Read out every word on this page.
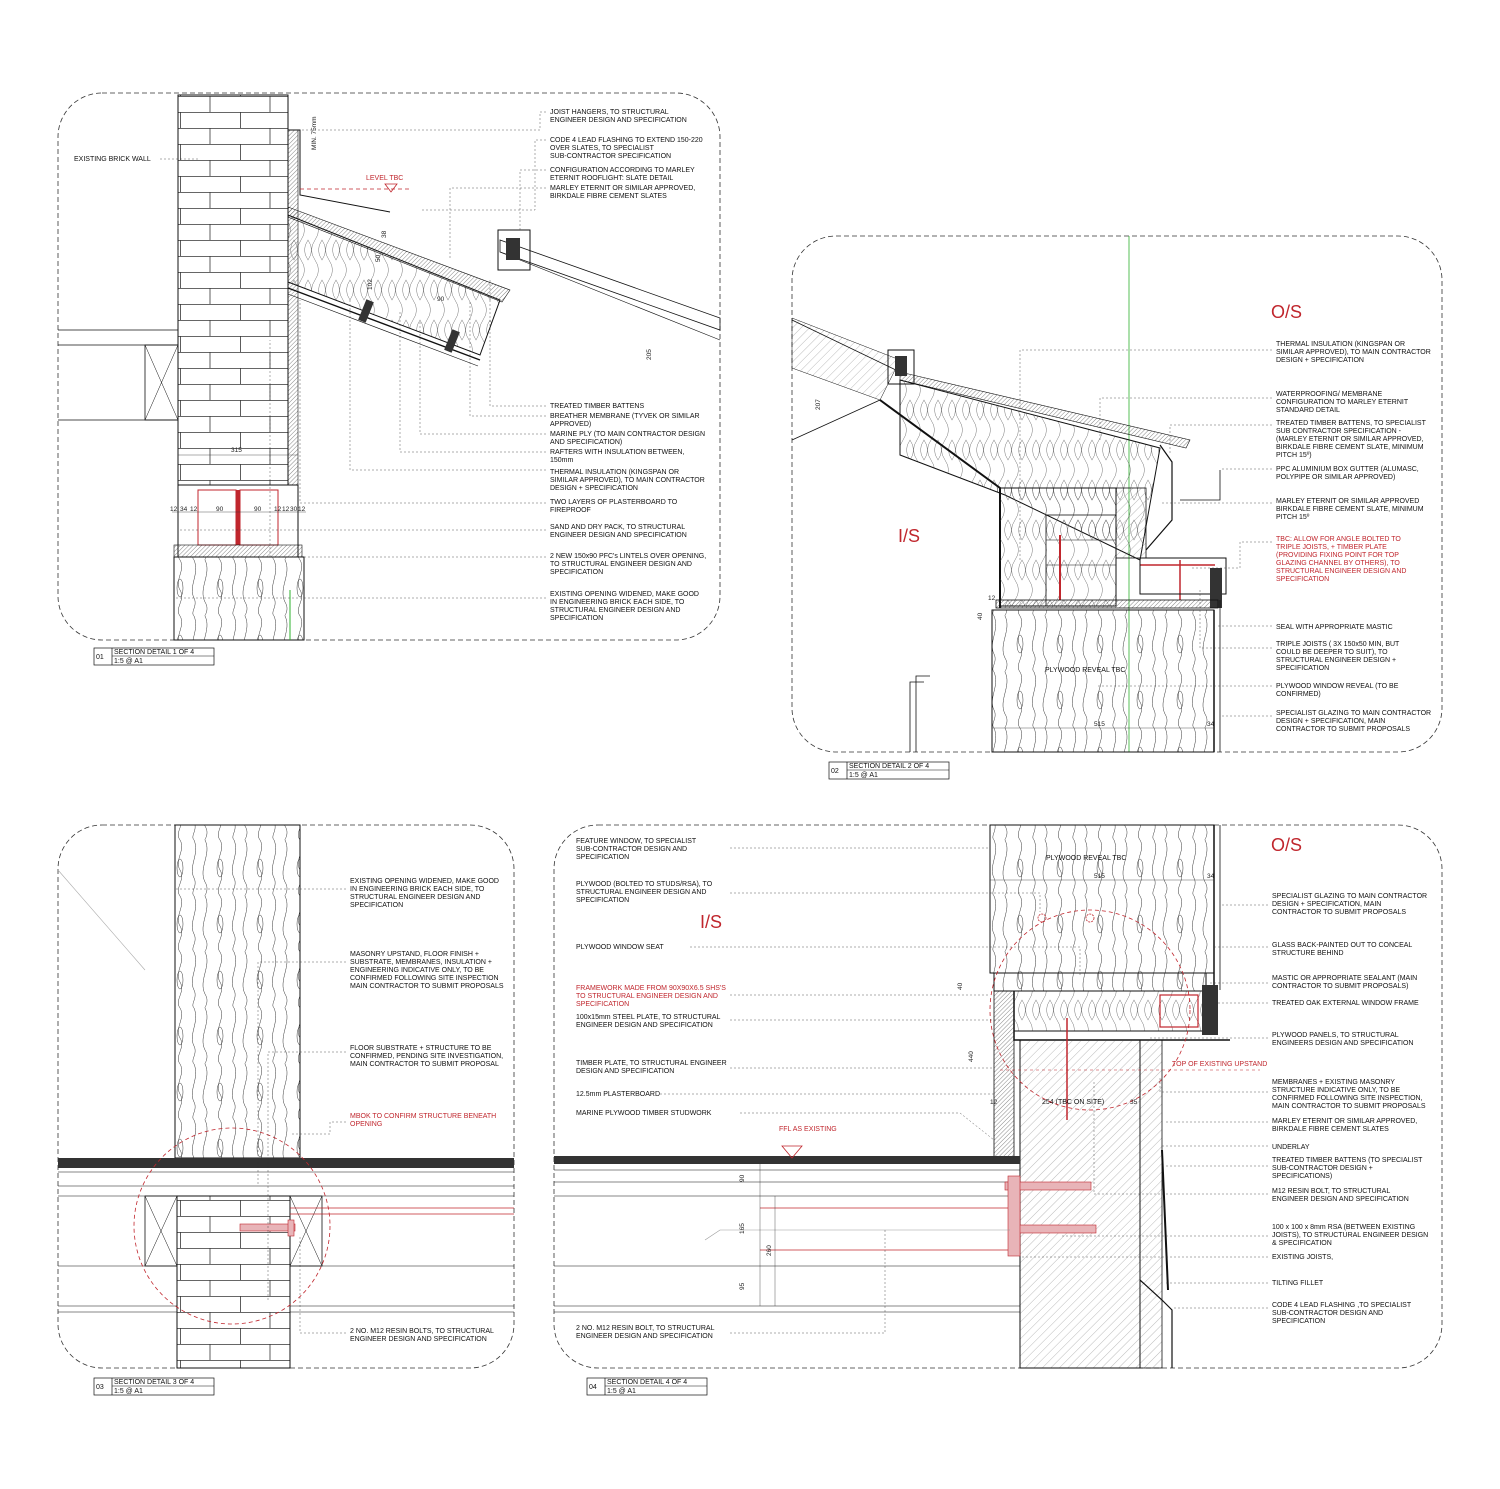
LEVEL TBC
EXISTING BRICK WALL
MIN. 75mm
38
50
102
90
205
315
12 34 12	90	90 12 12 30 12
JOIST HANGERS, TO STRUCTURAL
ENGINEER DESIGN AND SPECIFICATION
CODE 4 LEAD FLASHING TO EXTEND 150-220
OVER SLATES, TO SPECIALIST
SUB-CONTRACTOR SPECIFICATION
CONFIGURATION ACCORDING TO MARLEY
ETERNIT ROOFLIGHT: SLATE DETAIL
MARLEY ETERNIT OR SIMILAR APPROVED,
BIRKDALE FIBRE CEMENT SLATES
TREATED TIMBER BATTENS
BREATHER MEMBRANE (TYVEK OR SIMILAR
APPROVED)
MARINE PLY (TO MAIN CONTRACTOR DESIGN
AND SPECIFICATION)
RAFTERS WITH INSULATION BETWEEN,
150mm
THERMAL INSULATION (KINGSPAN OR
SIMILAR APPROVED), TO MAIN CONTRACTOR
DESIGN + SPECIFICATION
TWO LAYERS OF PLASTERBOARD TO
FIREPROOF
SAND AND DRY PACK, TO STRUCTURAL
ENGINEER DESIGN AND SPECIFICATION
2 NEW 150x90 PFC's LINTELS OVER OPENING,
TO STRUCTURAL ENGINEER DESIGN AND
SPECIFICATION
EXISTING OPENING WIDENED, MAKE GOOD
IN ENGINEERING BRICK EACH SIDE, TO
STRUCTURAL ENGINEER DESIGN AND
SPECIFICATION
01
SECTION DETAIL 1 OF 4
1:5 @ A1
O/S
I/S
PLYWOOD REVEAL TBC
207
12
40
515	34
THERMAL INSULATION (KINGSPAN OR
SIMILAR APPROVED), TO MAIN CONTRACTOR
DESIGN + SPECIFICATION
WATERPROOFING/ MEMBRANE
CONFIGURATION TO MARLEY ETERNIT
STANDARD DETAIL
TREATED TIMBER BATTENS, TO SPECIALIST
SUB CONTRACTOR SPECIFICATION -
(MARLEY ETERNIT OR SIMILAR APPROVED,
BIRKDALE FIBRE CEMENT SLATE, MINIMUM
PITCH 15º)
PPC ALUMINIUM BOX GUTTER (ALUMASC,
POLYPIPE OR SIMILAR APPROVED)
MARLEY ETERNIT OR SIMILAR APPROVED
BIRKDALE FIBRE CEMENT SLATE, MINIMUM
PITCH 15º
TBC: ALLOW FOR ANGLE BOLTED TO
TRIPLE JOISTS, + TIMBER PLATE
(PROVIDING FIXING POINT FOR TOP
GLAZING CHANNEL BY OTHERS), TO
STRUCTURAL ENGINEER DESIGN AND
SPECIFICATION
SEAL WITH APPROPRIATE MASTIC
TRIPLE JOISTS ( 3X 150x50 MIN, BUT
COULD BE DEEPER TO SUIT), TO
STRUCTURAL ENGINEER DESIGN +
SPECIFICATION
PLYWOOD WINDOW REVEAL (TO BE
CONFIRMED)
SPECIALIST GLAZING TO MAIN CONTRACTOR
DESIGN + SPECIFICATION, MAIN
CONTRACTOR TO SUBMIT PROPOSALS
02
SECTION DETAIL 2 OF 4
1:5 @ A1
EXISTING OPENING WIDENED, MAKE GOOD
IN ENGINEERING BRICK EACH SIDE, TO
STRUCTURAL ENGINEER DESIGN AND
SPECIFICATION
MASONRY UPSTAND, FLOOR FINISH +
SUBSTRATE, MEMBRANES, INSULATION +
ENGINEERING INDICATIVE ONLY, TO BE
CONFIRMED FOLLOWING SITE INSPECTION
MAIN CONTRACTOR TO SUBMIT PROPOSALS
FLOOR SUBSTRATE + STRUCTURE TO BE
CONFIRMED, PENDING SITE INVESTIGATION,
MAIN CONTRACTOR TO SUBMIT PROPOSAL
MBOK TO CONFIRM STRUCTURE BENEATH
OPENING
2 NO. M12 RESIN BOLTS, TO STRUCTURAL
ENGINEER DESIGN AND SPECIFICATION
03
SECTION DETAIL 3 OF 4
1:5 @ A1
O/S
I/S
PLYWOOD REVEAL TBC
515	34
254 (TBC ON SITE)
FFL AS EXISTING
TOP OF EXISTING UPSTAND
40
440
12	35
90
165
260
95
FEATURE WINDOW, TO SPECIALIST
SUB-CONTRACTOR DESIGN AND
SPECIFICATION
PLYWOOD (BOLTED TO STUDS/RSA), TO
STRUCTURAL ENGINEER DESIGN AND
SPECIFICATION
PLYWOOD WINDOW SEAT
FRAMEWORK MADE FROM 90X90X6.5 SHS'S
TO STRUCTURAL ENGINEER DESIGN AND
SPECIFICATION
100x15mm STEEL PLATE, TO STRUCTURAL
ENGINEER DESIGN AND SPECIFICATION
TIMBER PLATE, TO STRUCTURAL ENGINEER
DESIGN AND SPECIFICATION
12.5mm PLASTERBOARD
MARINE PLYWOOD TIMBER STUDWORK
2 NO. M12 RESIN BOLT, TO STRUCTURAL
ENGINEER DESIGN AND SPECIFICATION
SPECIALIST GLAZING TO MAIN CONTRACTOR
DESIGN + SPECIFICATION, MAIN
CONTRACTOR TO SUBMIT PROPOSALS
GLASS BACK-PAINTED OUT TO CONCEAL
STRUCTURE BEHIND
MASTIC OR APPROPRIATE SEALANT (MAIN
CONTRACTOR TO SUBMIT PROPOSALS)
TREATED OAK EXTERNAL WINDOW FRAME
PLYWOOD PANELS, TO STRUCTURAL
ENGINEERS DESIGN AND SPECIFICATION
MEMBRANES + EXISTING MASONRY
STRUCTURE INDICATIVE ONLY, TO BE
CONFIRMED FOLLOWING SITE INSPECTION,
MAIN CONTRACTOR TO SUBMIT PROPOSALS
MARLEY ETERNIT OR SIMILAR APPROVED,
BIRKDALE FIBRE CEMENT SLATES
UNDERLAY
TREATED TIMBER BATTENS (TO SPECIALIST
SUB-CONTRACTOR DESIGN +
SPECIFICATIONS)
M12 RESIN BOLT, TO STRUCTURAL
ENGINEER DESIGN AND SPECIFICATION
100 x 100 x 8mm RSA (BETWEEN EXISTING
JOISTS), TO STRUCTURAL ENGINEER DESIGN
& SPECIFICATION
EXISTING JOISTS,
TILTING FILLET
CODE 4 LEAD FLASHING ,TO SPECIALIST
SUB-CONTRACTOR DESIGN AND
SPECIFICATION
04
SECTION DETAIL 4 OF 4
1:5 @ A1
